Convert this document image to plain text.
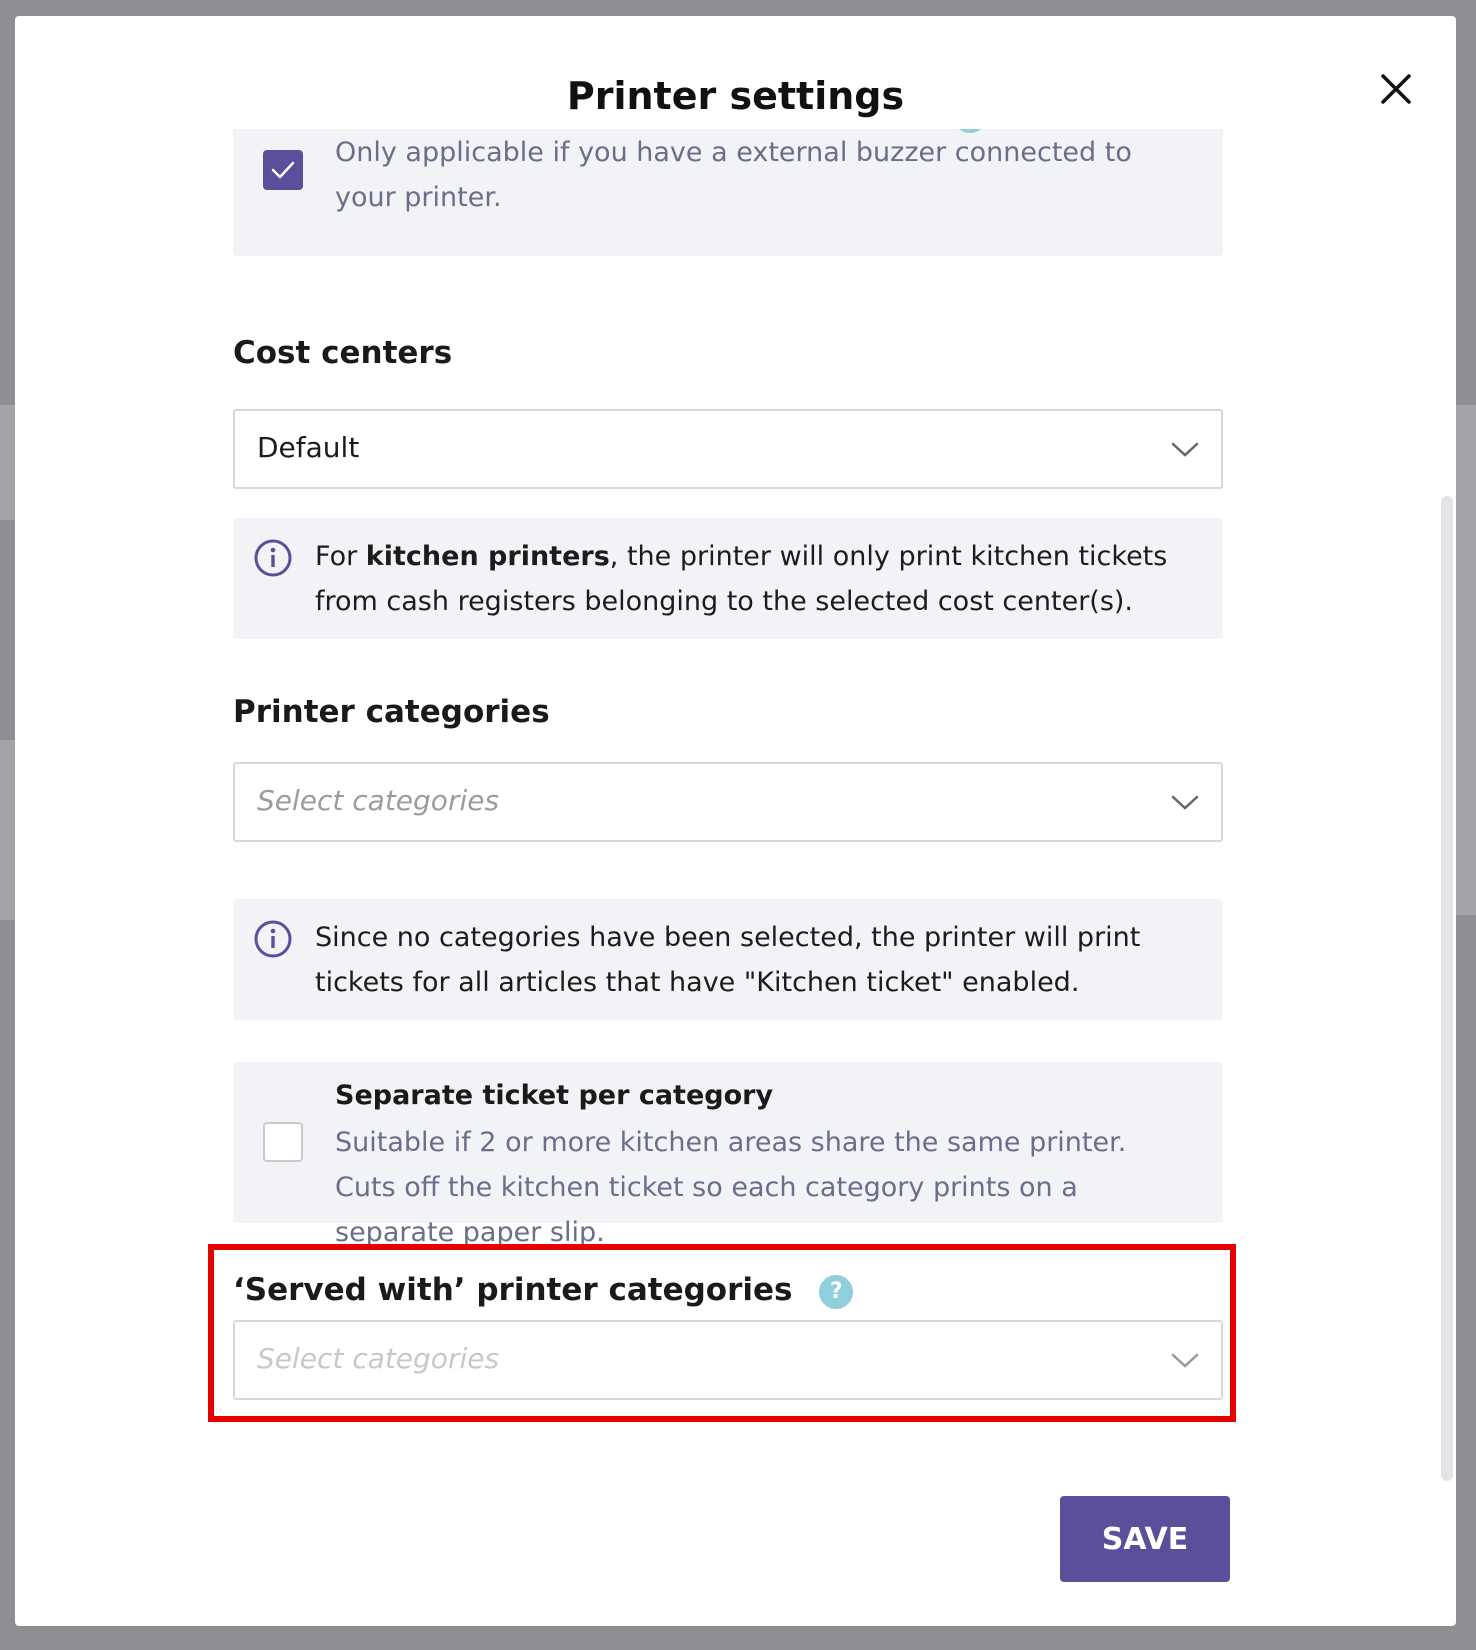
Printer settings
Only applicable if you have a external buzzer connected to your printer.
Cost centers
Default
For kitchen printers, the printer will only print kitchen tickets from cash registers belonging to the selected cost center(s).
Printer categories
Select categories
Since no categories have been selected, the printer will print tickets for all articles that have "Kitchen ticket" enabled.
Separate ticket per category
Suitable if 2 or more kitchen areas share the same printer. Cuts off the kitchen ticket so each category prints on a separate paper slip.
‘Served with’ printer categories ?
Select categories
SAVE
